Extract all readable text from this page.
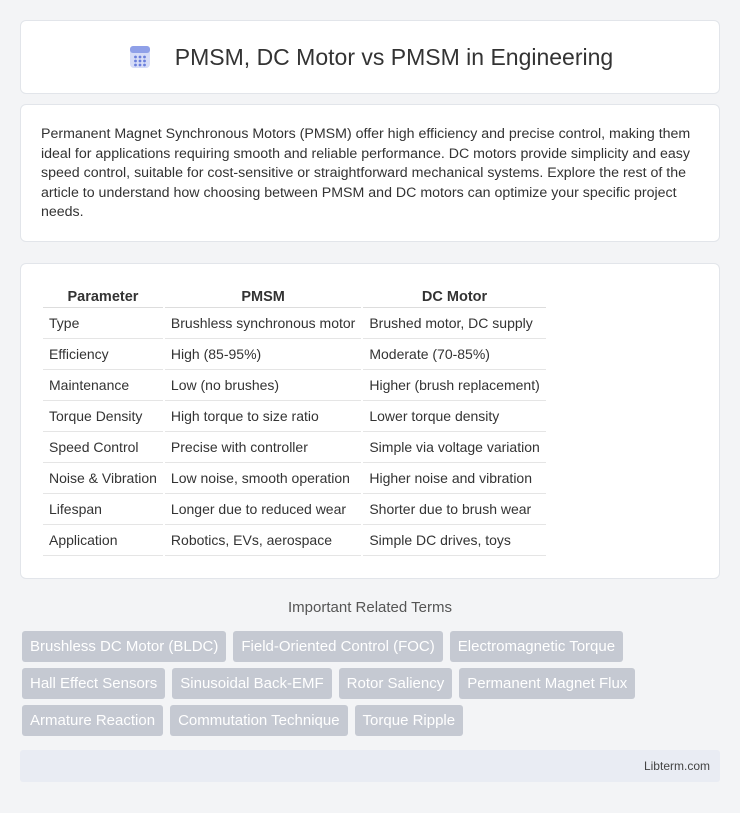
PMSM, DC Motor vs PMSM in Engineering

Permanent Magnet Synchronous Motors (PMSM) offer high efficiency and precise control, making them ideal for applications requiring smooth and reliable performance. DC motors provide simplicity and easy speed control, suitable for cost-sensitive or straightforward mechanical systems. Explore the rest of the article to understand how choosing between PMSM and DC motors can optimize your specific project needs.

Parameter	PMSM	DC Motor
Type	Brushless synchronous motor	Brushed motor, DC supply
Efficiency	High (85-95%)	Moderate (70-85%)
Maintenance	Low (no brushes)	Higher (brush replacement)
Torque Density	High torque to size ratio	Lower torque density
Speed Control	Precise with controller	Simple via voltage variation
Noise & Vibration	Low noise, smooth operation	Higher noise and vibration
Lifespan	Longer due to reduced wear	Shorter due to brush wear
Application	Robotics, EVs, aerospace	Simple DC drives, toys
Important Related Terms
Brushless DC Motor (BLDC)	Field-Oriented Control (FOC)	Electromagnetic Torque
Hall Effect Sensors	Sinusoidal Back-EMF	Rotor Saliency	Permanent Magnet Flux
Armature Reaction	Commutation Technique	Torque Ripple
Libterm.com
